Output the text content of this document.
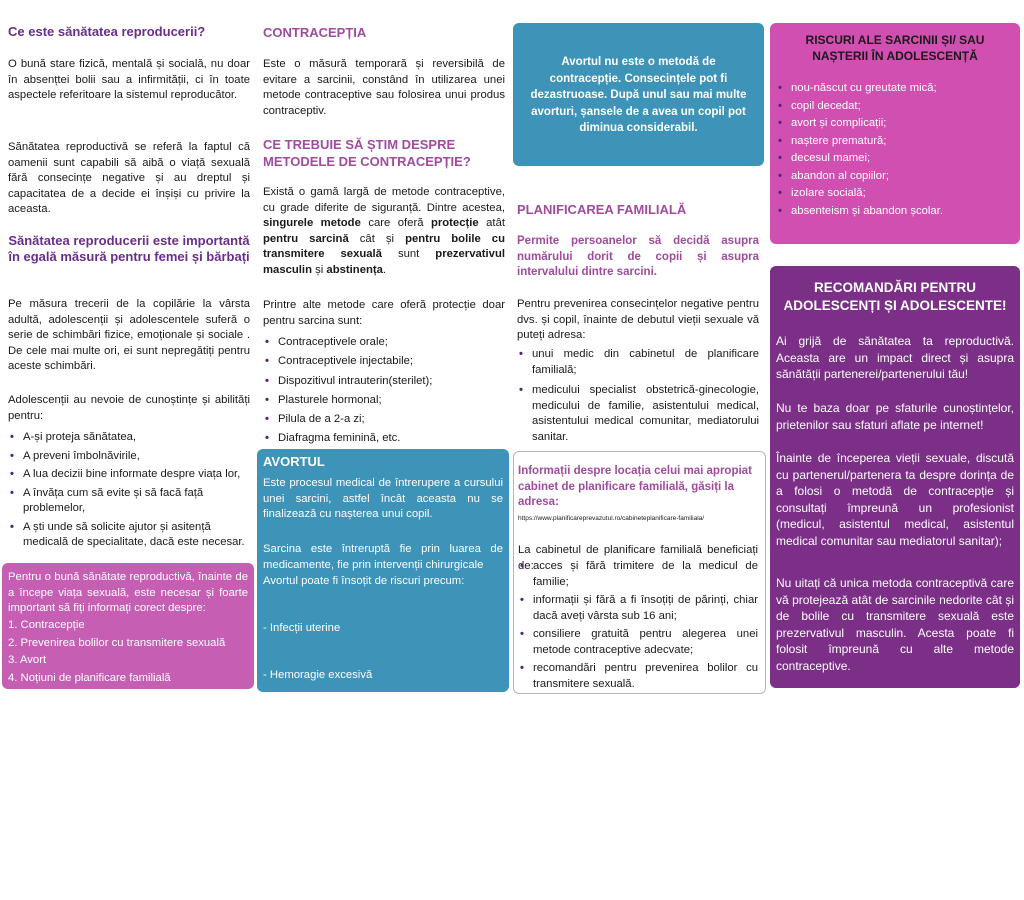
Ce este sănătatea reproducerii?

O bună stare fizică, mentală și socială, nu doar în absențtei bolii sau a infirmității, ci în toate aspectele referitoare la sistemul reproducător.

Sănătatea reproductivă se referă la faptul că oamenii sunt capabili să aibă o viață sexuală fără consecințe negative și au dreptul și capacitatea de a decide ei înșiși cu privire la aceasta.

Sănătatea reproducerii este importantă în egală măsură pentru femei și bărbați

Pe măsura trecerii de la copilărie la vârsta adultă, adolescenții și adolescentele suferă o serie de schimbări fizice, emoționale și sociale . De cele mai multe ori, ei sunt nepregătiți pentru aceste schimbări.

Adolescenții au nevoie de cunoștințe și abilități pentru:

• A-și proteja sănătatea,
• A preveni îmbolnăvirile,
• A lua decizii bine informate despre viața lor,
• A învăța cum să evite și să facă față problemelor,
• A ști unde să solicite ajutor și asitență medicală de specialitate, dacă este necesar.

Pentru o bună sănătate reproductivă, înainte de a începe viața sexuală, este necesar și foarte important să fiți informați corect despre:

1. Contracepție
2. Prevenirea bolilor cu transmitere sexuală
3. Avort
4. Noțiuni de planificare familială
CONTRACEPȚIA

Este o măsură temporară și reversibilă de evitare a sarcinii, constând în utilizarea unei metode contraceptive sau folosirea unui produs contraceptiv.

CE TREBUIE SĂ ȘTIM DESPRE METODELE DE CONTRACEPȚIE?

Există o gamă largă de metode contraceptive, cu grade diferite de siguranță. Dintre acestea, singurele metode care oferă protecție atât pentru sarcină cât și pentru bolile cu transmitere sexuală sunt prezervativul masculin și abstinența.

Printre alte metode care oferă protecție doar pentru sarcina sunt:

• Contraceptivele orale;
• Contraceptivele injectabile;
• Dispozitivul intrauterin(sterilet);
• Plasturele hormonal;
• Pilula de a 2-a zi;
• Diafragma feminină, etc.
AVORTUL

Este procesul medical de întrerupere a cursului unei sarcini, astfel încât aceasta nu se finalizează cu nașterea unui copil.

Sarcina este întreruptă fie prin luarea de medicamente, fie prin intervenții chirurgicale

Avortul poate fi însoțit de riscuri precum:

- Infecții uterine

- Hemoragie excesivă

- Resturi embrionare restante în uter

(avort incomplet)

- Leziuni ale colului uterin

- Deces, etc.

Avortul nu este o metodă de contracepție. Consecințele pot fi dezastruoase. După unul sau mai multe avorturi, șansele de a avea un copil pot diminua considerabil.

PLANIFICAREA FAMILIALĂ

Permite persoanelor să decidă asupra numărului dorit de copii și asupra intervalului dintre sarcini.

Pentru prevenirea consecințelor negative pentru dvs. și copil, înainte de debutul vieții sexuale vă puteți adresa:

• unui medic din cabinetul de planificare familială;
• medicului specialist obstetrică-ginecologie, medicului de familie, asistentului medical, asistentului medical comunitar, mediatorului sanitar.

Informații despre locația celui mai apropiat cabinet de planificare familială, găsiți la adresa:

https://www.planificareprevazutul.ro/cabineteplanificare-familiala/

La cabinetul de planificare familială beneficiați de:

• acces și fără trimitere de la medicul de familie;
• informații și fără a fi însoțiți de părinți, chiar dacă aveți vârsta sub 16 ani;
• consiliere gratuită pentru alegerea unei metode contraceptive adecvate;
• recomandări pentru prevenirea bolilor cu transmitere sexuală.
RISCURI ALE SARCINII ȘI/ SAU NAȘTERII ÎN ADOLESCENȚĂ
• nou-născut cu greutate mică;
• copil decedat;
• avort și complicații;
• naștere prematură;
• decesul mamei;
• abandon al copiilor;
• izolare socială;
• absenteism și abandon școlar.
RECOMANDĂRI PENTRU ADOLESCENȚI ȘI ADOLESCENTE!

Ai grijă de sănătatea ta reproductivă. Aceasta are un impact direct și asupra sănătății partenerei/partenerului tău!

Nu te baza doar pe sfaturile cunoștințelor, prietenilor sau sfaturi aflate pe internet!

Înainte de începerea vieții sexuale, discută cu partenerul/partenera ta despre dorința de a folosi o metodă de contracepție și consultați împreună un profesionist (medicul, asistentul medical, asistentul medical comunitar sau mediatorul sanitar);

Nu uitați că unica metoda contraceptivă care vă protejează atât de sarcinile nedorite cât și de bolile cu transmitere sexuală este prezervativul masculin. Acesta poate fi folosit împreună cu alte metode contraceptive.
